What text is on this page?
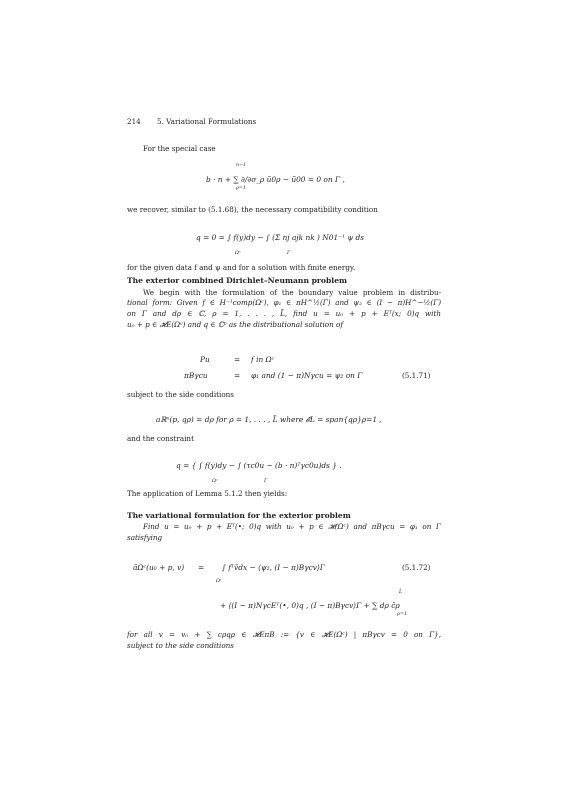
214 5. Variational Formulations
For the special case
n−1
ρ=1
b · n + ∑ ∂/∂σ_ρ ũ0ρ − ũ00 = 0 on Γ ,
we recover, similar to (5.1.68), the necessary compatibility condition
q = 0 = ∫ f(y)dy − ∫ (Σ nj ajk nk ) N01⁻¹ ψ ds
Ωᶜ	Γ
for the given data f and ψ and for a solution with finite energy.
The exterior combined Dirichlet–Neumann problem
We begin with the formulation of the boundary value problem in distribu-
tional form: Given f ∈ H⁻¹comp(Ωᶜ), φ₁ ∈ πH^½(Γ) and ψ₂ ∈ (I − π)H^−½(Γ)
on Γ and dρ ∈ ℂ, ρ = 1, . . . , L̃, find u = u₀ + p + Eᵀ(x; 0)q with
u₀ + p ∈ 𝓗E(Ωᶜ) and q ∈ ℂᵖ as the distributional solution of
Pu	= f in Ωᶜ
πBγcu	= φ₁ and (1 − π)Nγcu = ψ₂ on Γ	(5.1.71)
subject to the side conditions
aℝⁿ(p, qρ) = dρ for ρ = 1, . . . , L̃ where 𝓔L = span{qρ}ρ=1 ,
and the constraint
q = { ∫ f(y)dy − ∫ (τc0u − (b · n)ᵀγc0u)ds } .
Ωᶜ	Γ
The application of Lemma 5.1.2 then yields:
The variational formulation for the exterior problem
Find u = u₀ + p + Eᵀ(•; 0)q with u₀ + p ∈ 𝓗(Ωᶜ) and πBγcu = φ₁ on Γ
satisfying
ãΩᶜ(u₀ + p, v) = ∫ fᵀv̄dx − ⟨ψ₂, (I − π)Bγcv⟩Γ	(5.1.72)
Ωᶜ
L̃
+ ⟨(I − π)NγcEᵀ(•, 0)q , (I − π)Bγcv⟩Γ + ∑ dρ c̄ρ
ρ=1
for all v = v₀ + ∑ cρqρ ∈ 𝓗EπB := {v ∈ 𝓗E(Ωᶜ) | πBγcv = 0 on Γ},
subject to the side conditions
